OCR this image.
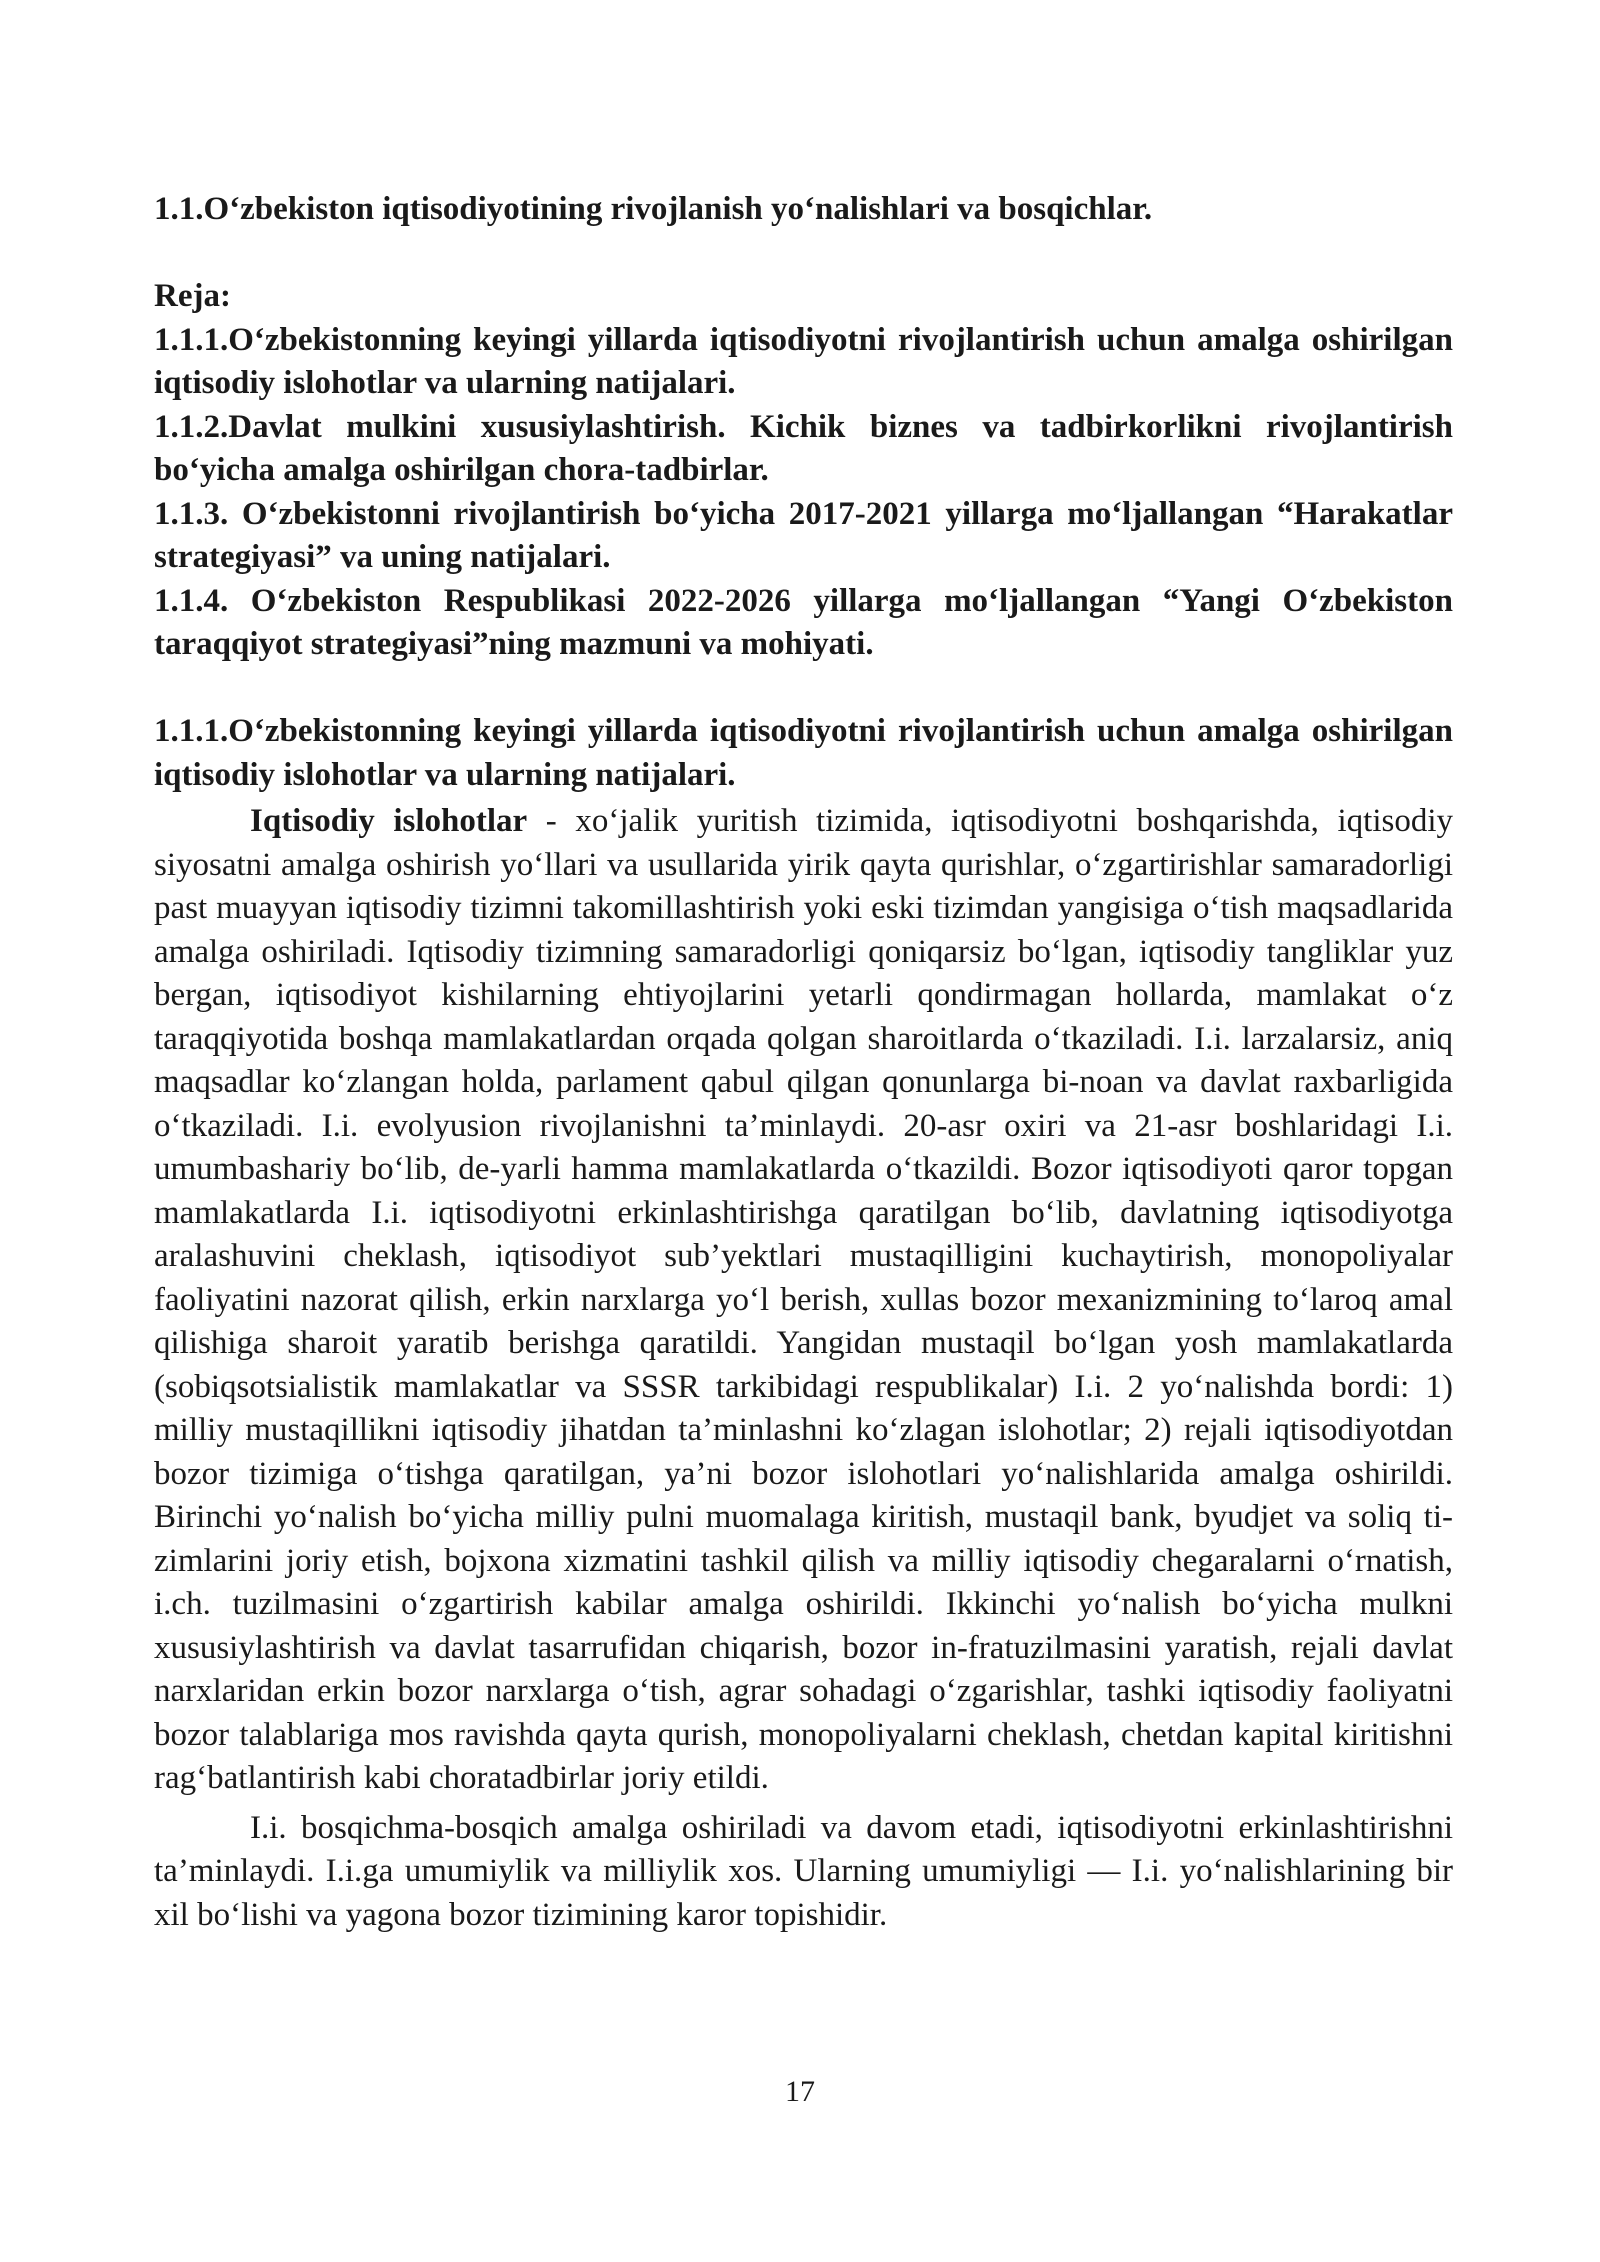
1.1.O‘zbekiston iqtisodiyotining rivojlanish yo‘nalishlari va bosqichlar.

Reja:

1.1.1.O‘zbekistonning keyingi yillarda iqtisodiyotni rivojlantirish uchun amalga oshirilgan iqtisodiy islohotlar va ularning natijalari.

1.1.2.Davlat mulkini xususiylashtirish. Kichik biznes va tadbirkorlikni rivojlantirish bo‘yicha amalga oshirilgan chora-tadbirlar.

1.1.3. O‘zbekistonni rivojlantirish bo‘yicha 2017-2021 yillarga mo‘ljallangan “Harakatlar strategiyasi” va uning natijalari.

1.1.4. O‘zbekiston Respublikasi 2022-2026 yillarga mo‘ljallangan “Yangi O‘zbekiston taraqqiyot strategiyasi”ning mazmuni va mohiyati.

1.1.1.O‘zbekistonning keyingi yillarda iqtisodiyotni rivojlantirish uchun amalga oshirilgan iqtisodiy islohotlar va ularning natijalari.

Iqtisodiy islohotlar - xo‘jalik yuritish tizimida, iqtisodiyotni boshqarishda, iqtisodiy siyosatni amalga oshirish yo‘llari va usullarida yirik qayta qurishlar, o‘zgartirishlar samaradorligi past muayyan iqtisodiy tizimni takomillashtirish yoki eski tizimdan yangisiga o‘tish maqsadlarida amalga oshiriladi. Iqtisodiy tizimning samaradorligi qoniqarsiz bo‘lgan, iqtisodiy tangliklar yuz bergan, iqtisodiyot kishilarning ehtiyojlarini yetarli qondirmagan hollarda, mamlakat o‘z taraqqiyotida boshqa mamlakatlardan orqada qolgan sharoitlarda o‘tkaziladi. I.i. larzalarsiz, aniq maqsadlar ko‘zlangan holda, parlament qabul qilgan qonunlarga bi-noan va davlat raxbarligida o‘tkaziladi. I.i. evolyusion rivojlanishni ta’minlaydi. 20-asr oxiri va 21-asr boshlaridagi I.i. umumbashariy bo‘lib, de-yarli hamma mamlakatlarda o‘tkazildi. Bozor iqtisodiyoti qaror topgan mamlakatlarda I.i. iqtisodiyotni erkinlashtirishga qaratilgan bo‘lib, davlatning iqtisodiyotga aralashuvini cheklash, iqtisodiyot sub’yektlari mustaqilligini kuchaytirish, monopoliyalar faoliyatini nazorat qilish, erkin narxlarga yo‘l berish, xullas bozor mexanizmining to‘laroq amal qilishiga sharoit yaratib berishga qaratildi. Yangidan mustaqil bo‘lgan yosh mamlakatlarda (sobiqsotsialistik mamlakatlar va SSSR tarkibidagi respublikalar) I.i. 2 yo‘nalishda bordi: 1) milliy mustaqillikni iqtisodiy jihatdan ta’minlashni ko‘zlagan islohotlar; 2) rejali iqtisodiyotdan bozor tizimiga o‘tishga qaratilgan, ya’ni bozor islohotlari yo‘nalishlarida amalga oshirildi. Birinchi yo‘nalish bo‘yicha milliy pulni muomalaga kiritish, mustaqil bank, byudjet va soliq ti-zimlarini joriy etish, bojxona xizmatini tashkil qilish va milliy iqtisodiy chegaralarni o‘rnatish, i.ch. tuzilmasini o‘zgartirish kabilar amalga oshirildi. Ikkinchi yo‘nalish bo‘yicha mulkni xususiylashtirish va davlat tasarrufidan chiqarish, bozor in-fratuzilmasini yaratish, rejali davlat narxlaridan erkin bozor narxlarga o‘tish, agrar sohadagi o‘zgarishlar, tashki iqtisodiy faoliyatni bozor talablariga mos ravishda qayta qurish, monopoliyalarni cheklash, chetdan kapital kiritishni rag‘batlantirish kabi choratadbirlar joriy etildi.

I.i. bosqichma-bosqich amalga oshiriladi va davom etadi, iqtisodiyotni erkinlashtirishni ta’minlaydi. I.i.ga umumiylik va milliylik xos. Ularning umumiyligi — I.i. yo‘nalishlarining bir xil bo‘lishi va yagona bozor tizimining karor topishidir.

17
